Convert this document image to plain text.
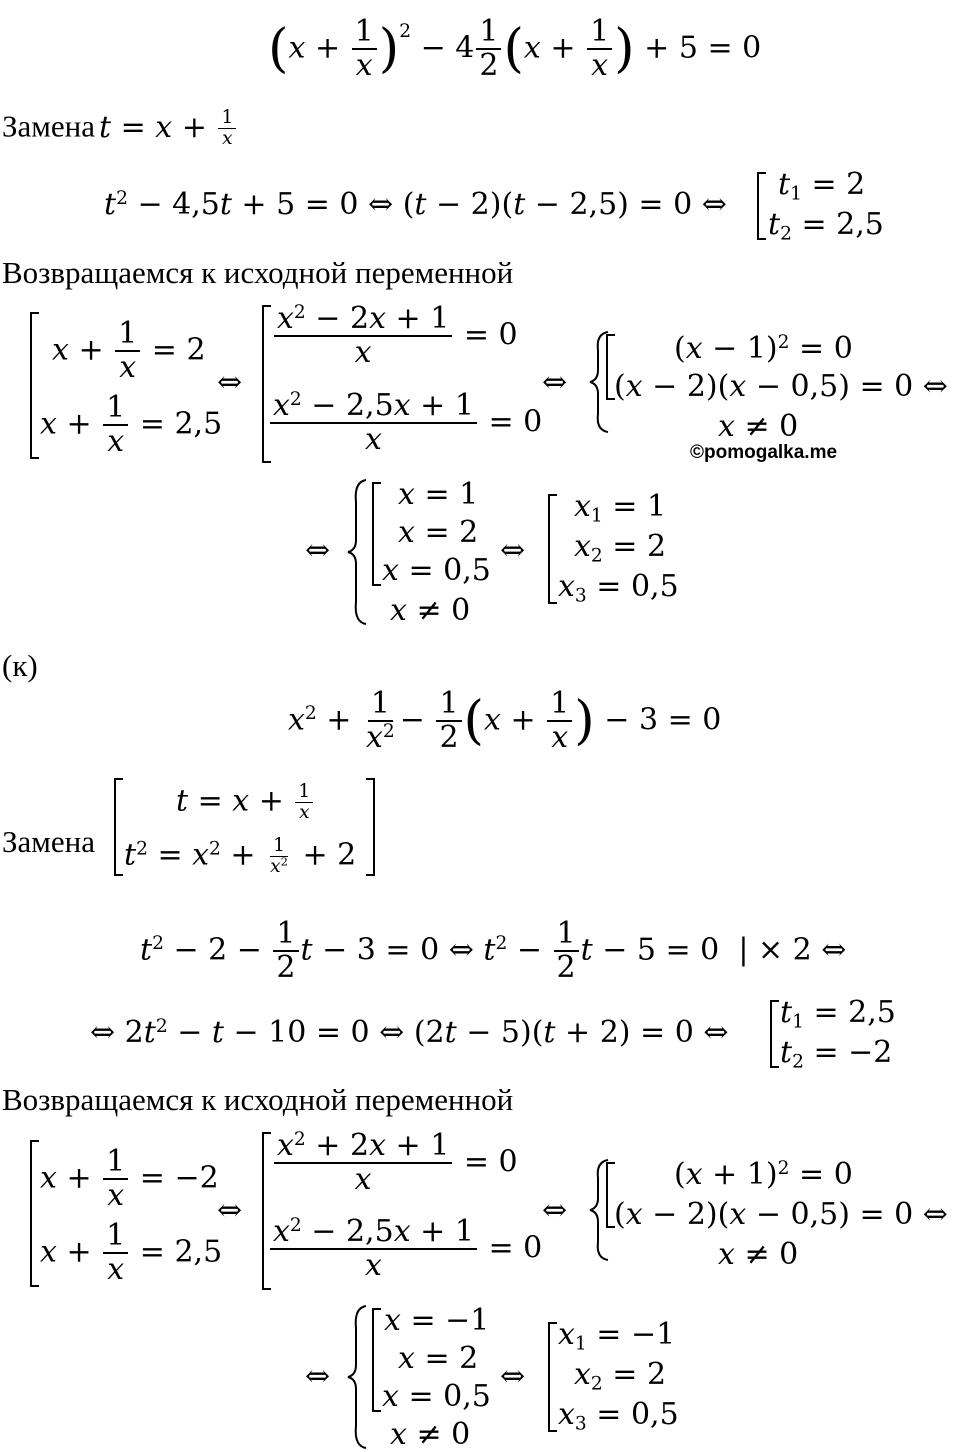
$(x + \frac{1}{x} )^2 - 4 \frac{1}{2} (x + \frac{1}{x}$ ) + 5 = 0
Замена $t = x + \frac{1}{x}$
$t^2 - 4,5t + 5 = 0$ ⇔ (t − 2)(t − 2,5) = 0 ⇔
$t_1 = 2$
$t_2 = 2,5$
Возвращаемся к исходной переменной
$x + \frac{1}{x} = 2$
$x + \frac{1}{x} = 2,5$
⇔
$\frac{x^2 - 2x + 1}{x} = 0$
$\frac{x^2 - 2,5x + 1}{x} = 0$
⇔
$(x - 1)^2 = 0$
(x − 2)(x − 0,5) = 0 ⇔
x ≠ 0
©pomogalka.me
⇔
x = 1
x = 2
x = 0,5
x ≠ 0
⇔
$x_1 = 1$
$x_2 = 2$
$x_3 = 0,5$
(к)
$x^2 + \frac{1}{x^2} - \frac{1}{2} (x + \frac{1}{x}$ ) − 3 = 0
Замена
$t = x + \frac{1}{x}$
$t^2 = x^2 + \frac{1}{x^2} + 2$
$t^2 - 2 - \frac{1}{2}$ t − 3 = 0 ⇔ $t^2 - \frac{1}{2}$ t − 5 = 0  | × 2 ⇔
⇔ $2t^2 - t - 10 = 0$ ⇔ (2t − 5)(t + 2) = 0 ⇔
$t_1 = 2,5$
$t_2 = -2$
Возвращаемся к исходной переменной
$x + \frac{1}{x} = -2$
$x + \frac{1}{x} = 2,5$
⇔
$\frac{x^2 + 2x + 1}{x} = 0$
$\frac{x^2 - 2,5x + 1}{x} = 0$
⇔
$(x + 1)^2 = 0$
(x − 2)(x − 0,5) = 0 ⇔
x ≠ 0
⇔
x = −1
x = 2
x = 0,5
x ≠ 0
⇔
$x_1 = -1$
$x_2 = 2$
$x_3 = 0,5$
